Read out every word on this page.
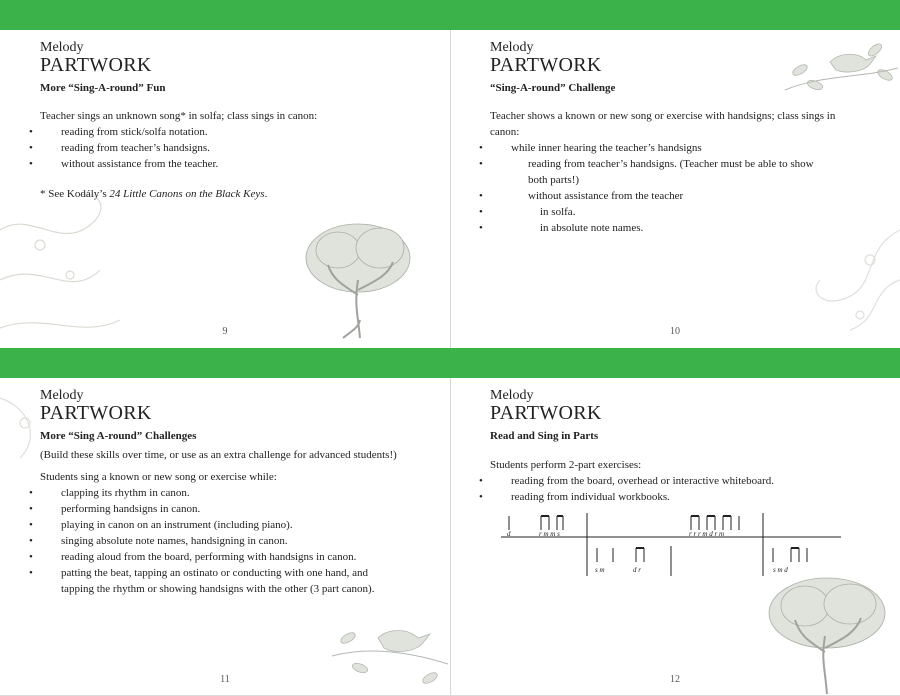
Melody
PARTWORK
More “Sing-A-round” Fun
Teacher sings an unknown song* in solfa; class sings in canon:
• reading from stick/solfa notation.
• reading from teacher’s handsigns.
• without assistance from the teacher.
* See Kodály’s 24 Little Canons on the Black Keys.
9
Melody
PARTWORK
“Sing-A-round” Challenge
Teacher shows a known or new song or exercise with handsigns; class sings in canon:
• while inner hearing the teacher’s handsigns
• reading from teacher’s handsigns. (Teacher must be able to show both parts!)
• without assistance from the teacher
• in solfa.
• in absolute note names.
10
Melody
PARTWORK
More “Sing A-round” Challenges
(Build these skills over time, or use as an extra challenge for advanced students!)
Students sing a known or new song or exercise while:
• clapping its rhythm in canon.
• performing handsigns in canon.
• playing in canon on an instrument (including piano).
• singing absolute note names, handsigning in canon.
• reading aloud from the board, performing with handsigns in canon.
• patting the beat, tapping an ostinato or conducting with one hand, and tapping the rhythm or showing handsigns with the other (3 part canon).
11
Melody
PARTWORK
Read and Sing in Parts
Students perform 2-part exercises:
• reading from the board, overhead or interactive whiteboard.
• reading from individual workbooks.
d	r m m s	r r r m d r m
s m	d r	s m d
12
